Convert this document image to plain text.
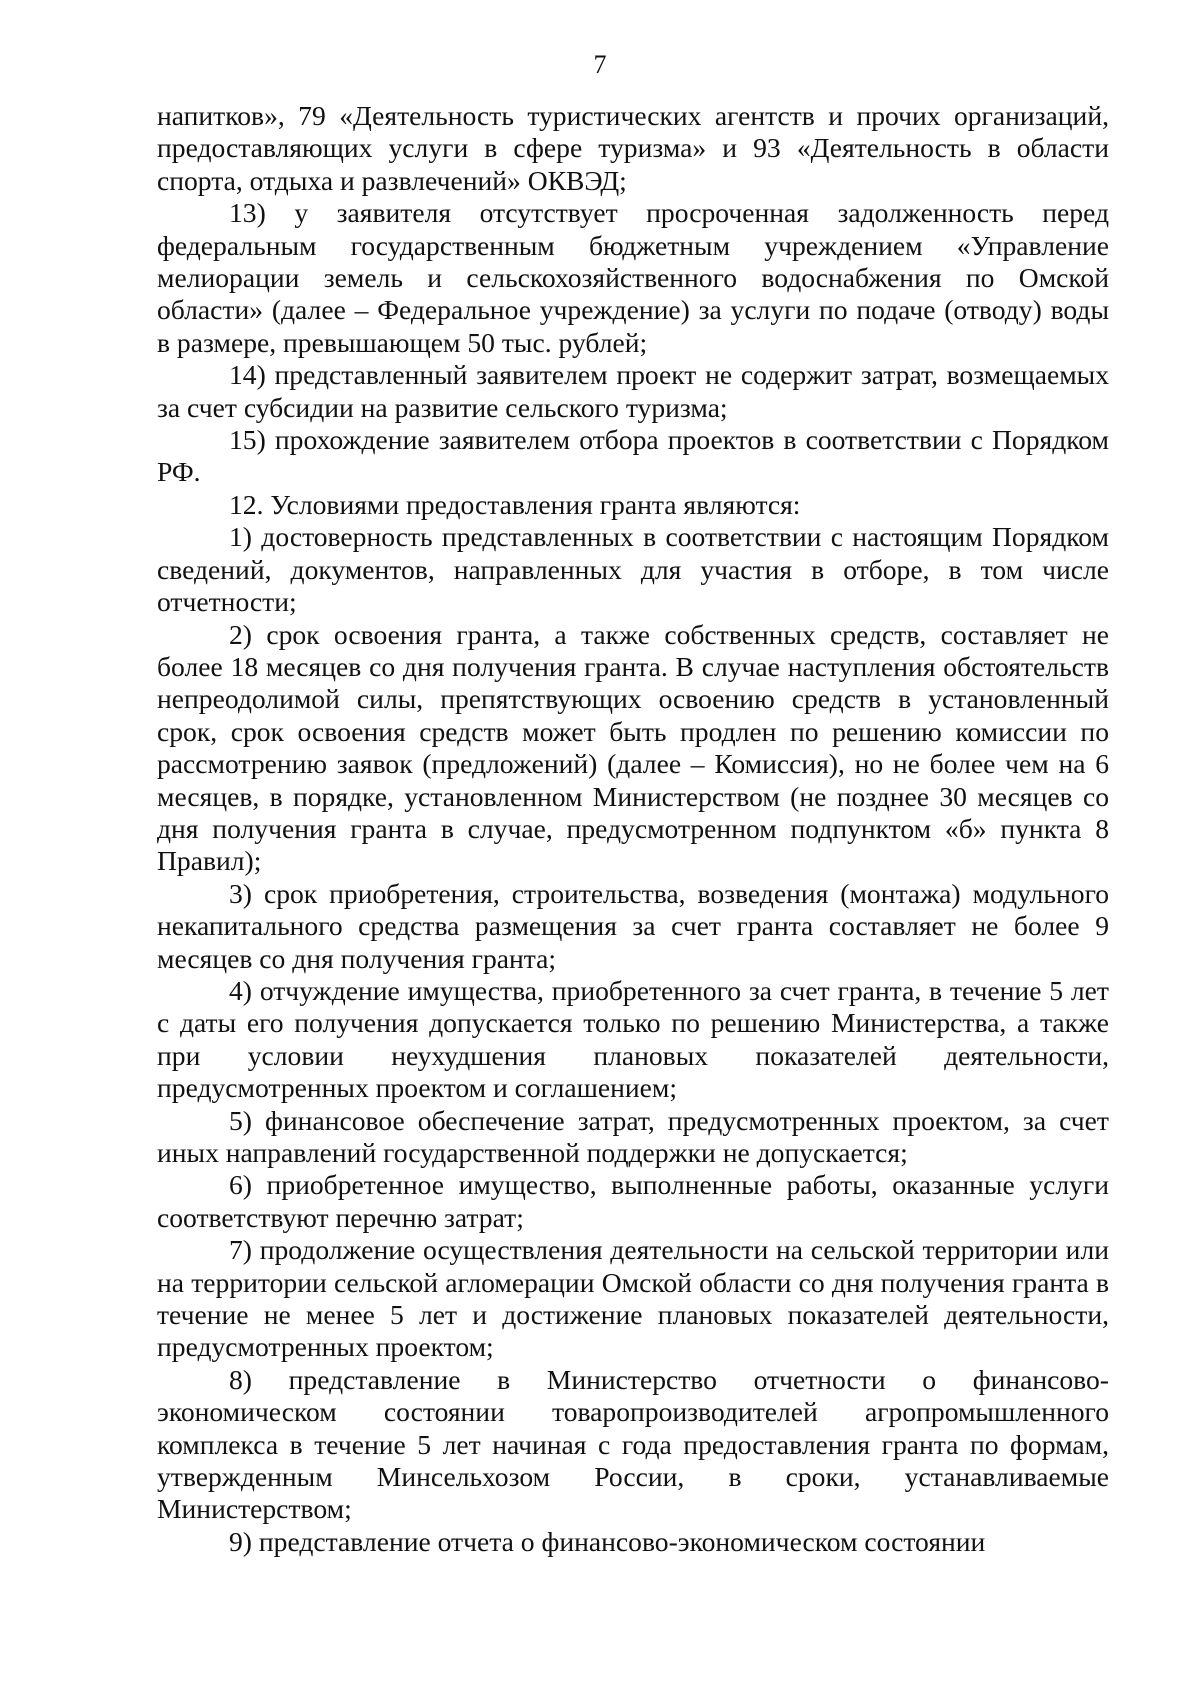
7

напитков», 79 «Деятельность туристических агентств и прочих организаций, предоставляющих услуги в сфере туризма» и 93 «Деятельность в области спорта, отдыха и развлечений» ОКВЭД;

13) у заявителя отсутствует просроченная задолженность перед федеральным государственным бюджетным учреждением «Управление мелиорации земель и сельскохозяйственного водоснабжения по Омской области» (далее – Федеральное учреждение) за услуги по подаче (отводу) воды в размере, превышающем 50 тыс. рублей;

14) представленный заявителем проект не содержит затрат, возмещаемых за счет субсидии на развитие сельского туризма;

15) прохождение заявителем отбора проектов в соответствии с Порядком РФ.

12. Условиями предоставления гранта являются:

1) достоверность представленных в соответствии с настоящим Порядком сведений, документов, направленных для участия в отборе, в том числе отчетности;

2) срок освоения гранта, а также собственных средств, составляет не более 18 месяцев со дня получения гранта. В случае наступления обстоятельств непреодолимой силы, препятствующих освоению средств в установленный срок, срок освоения средств может быть продлен по решению комиссии по рассмотрению заявок (предложений) (далее – Комиссия), но не более чем на 6 месяцев, в порядке, установленном Министерством (не позднее 30 месяцев со дня получения гранта в случае, предусмотренном подпунктом «б» пункта 8 Правил);

3) срок приобретения, строительства, возведения (монтажа) модульного некапитального средства размещения за счет гранта составляет не более 9 месяцев со дня получения гранта;

4) отчуждение имущества, приобретенного за счет гранта, в течение 5 лет с даты его получения допускается только по решению Министерства, а также при условии неухудшения плановых показателей деятельности, предусмотренных проектом и соглашением;

5) финансовое обеспечение затрат, предусмотренных проектом, за счет иных направлений государственной поддержки не допускается;

6) приобретенное имущество, выполненные работы, оказанные услуги соответствуют перечню затрат;

7) продолжение осуществления деятельности на сельской территории или на территории сельской агломерации Омской области со дня получения гранта в течение не менее 5 лет и достижение плановых показателей деятельности, предусмотренных проектом;

8) представление в Министерство отчетности о финансово-экономическом состоянии товаропроизводителей агропромышленного комплекса в течение 5 лет начиная с года предоставления гранта по формам, утвержденным Минсельхозом России, в сроки, устанавливаемые Министерством;

9) представление отчета о финансово-экономическом состоянии
